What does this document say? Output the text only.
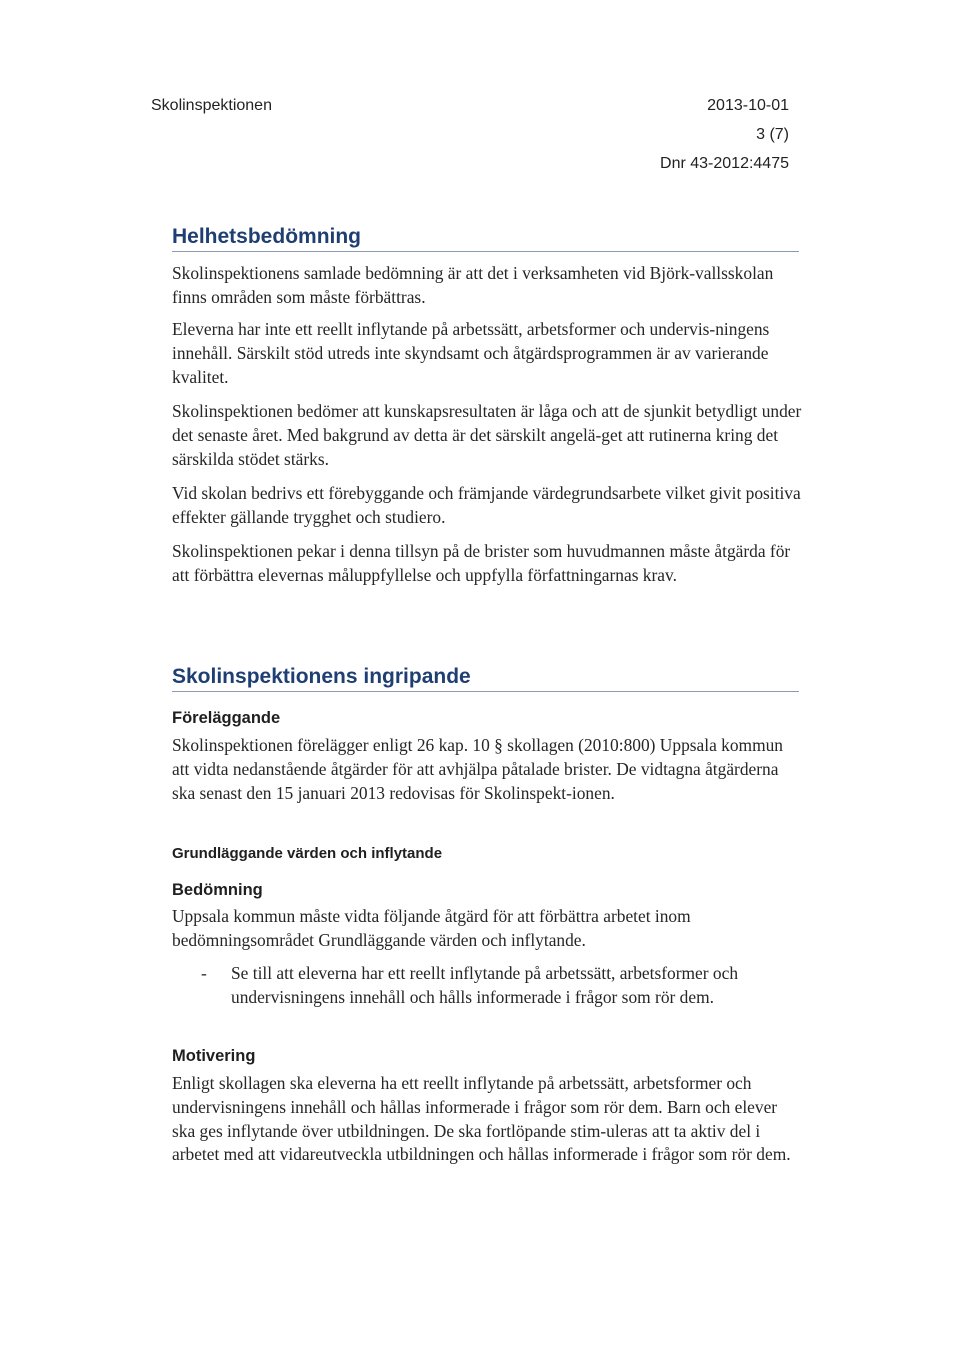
Skolinspektionen	2013-10-01
3 (7)
Dnr 43-2012:4475
Helhetsbedömning
Skolinspektionens samlade bedömning är att det i verksamheten vid Björk-vallsskolan finns områden som måste förbättras.
Eleverna har inte ett reellt inflytande på arbetssätt, arbetsformer och undervis-ningens innehåll. Särskilt stöd utreds inte skyndsamt och åtgärdsprogrammen är av varierande kvalitet.
Skolinspektionen bedömer att kunskapsresultaten är låga och att de sjunkit betydligt under det senaste året. Med bakgrund av detta är det särskilt angelä-get att rutinerna kring det särskilda stödet stärks.
Vid skolan bedrivs ett förebyggande och främjande värdegrundsarbete vilket givit positiva effekter gällande trygghet och studiero.
Skolinspektionen pekar i denna tillsyn på de brister som huvudmannen måste åtgärda för att förbättra elevernas måluppfyllelse och uppfylla författningarnas krav.
Skolinspektionens ingripande
Föreläggande
Skolinspektionen förelägger enligt 26 kap. 10 § skollagen (2010:800) Uppsala kommun att vidta nedanstående åtgärder för att avhjälpa påtalade brister. De vidtagna åtgärderna ska senast den 15 januari 2013 redovisas för Skolinspekt-ionen.
Grundläggande värden och inflytande
Bedömning
Uppsala kommun måste vidta följande åtgärd för att förbättra arbetet inom bedömningsområdet Grundläggande värden och inflytande.
- Se till att eleverna har ett reellt inflytande på arbetssätt, arbetsformer och undervisningens innehåll och hålls informerade i frågor som rör dem.
Motivering
Enligt skollagen ska eleverna ha ett reellt inflytande på arbetssätt, arbetsformer och undervisningens innehåll och hållas informerade i frågor som rör dem. Barn och elever ska ges inflytande över utbildningen. De ska fortlöpande stim-uleras att ta aktiv del i arbetet med att vidareutveckla utbildningen och hållas informerade i frågor som rör dem.
